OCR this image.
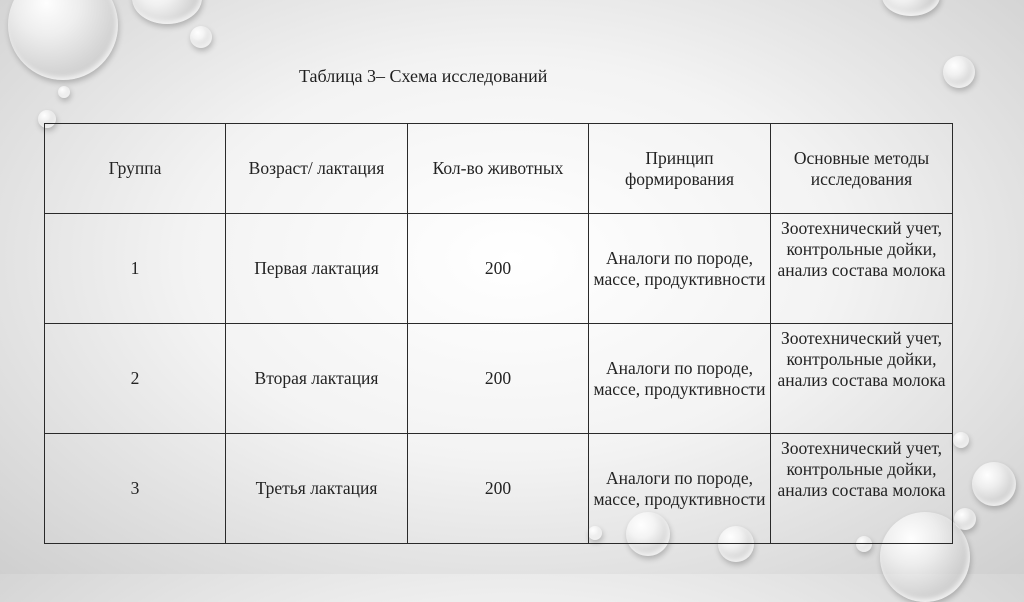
Таблица 3– Схема исследований
Группа	Возраст/ лактация	Кол-во животных	Принцип формирования	Основные методы исследования
1	Первая лактация	200	Аналоги по породе, массе, продуктивности	Зоотехнический учет, контрольные дойки, анализ состава молока
2	Вторая лактация	200	Аналоги по породе, массе, продуктивности	Зоотехнический учет, контрольные дойки, анализ состава молока
3	Третья лактация	200	Аналоги по породе, массе, продуктивности	Зоотехнический учет, контрольные дойки, анализ состава молока
